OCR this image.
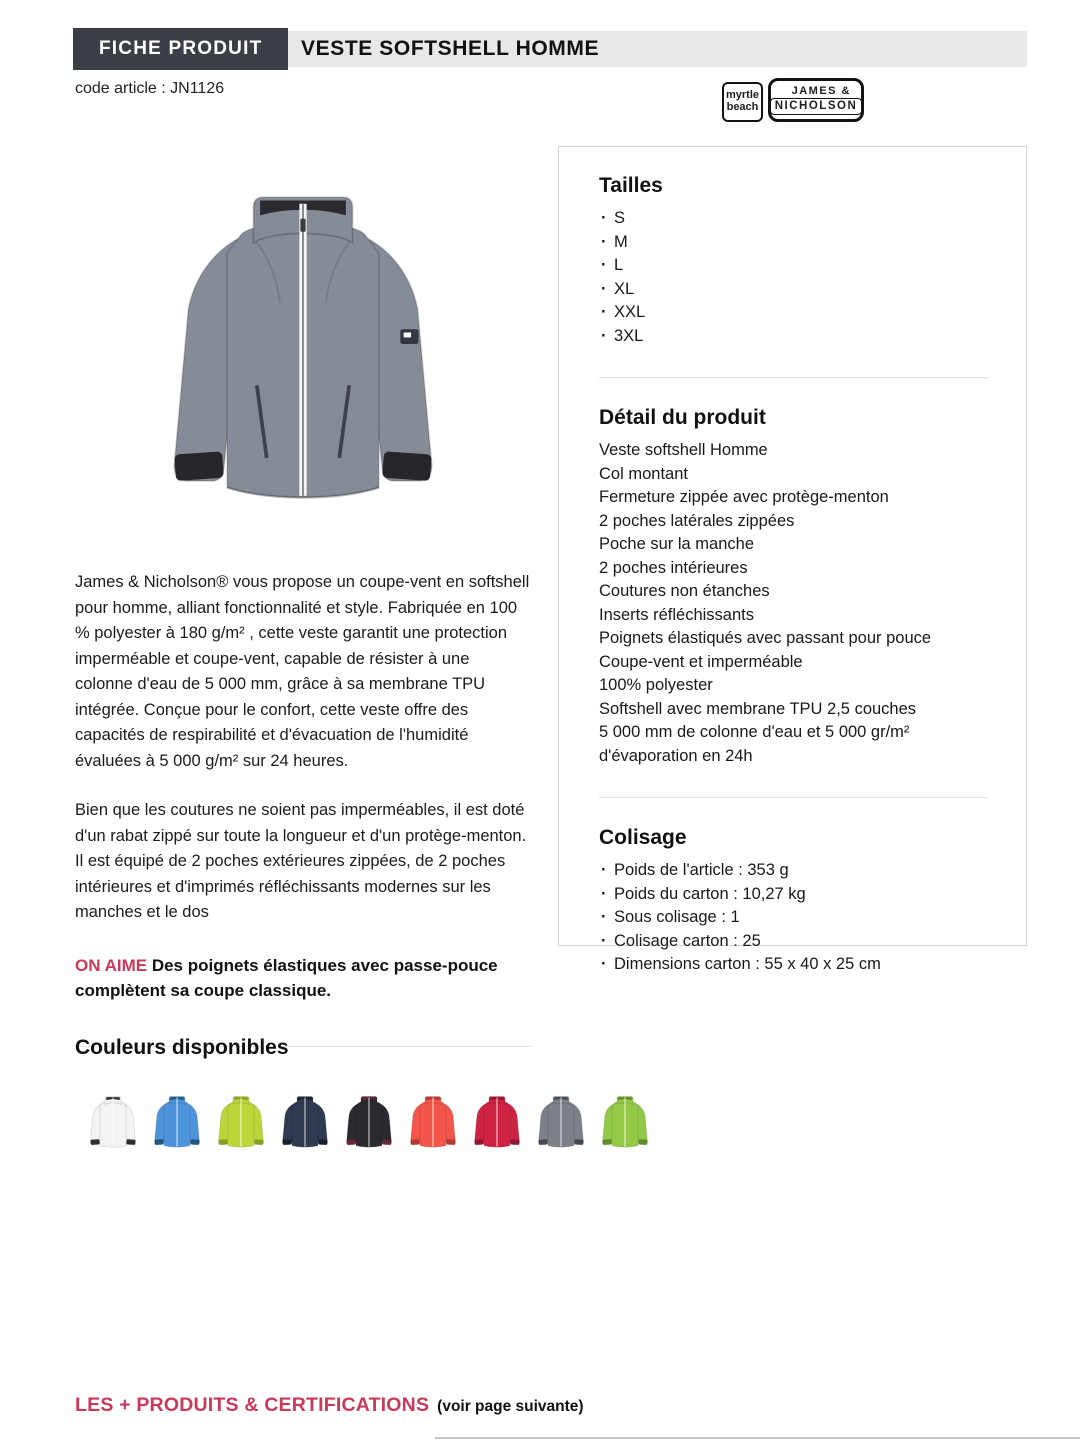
FICHE PRODUIT	VESTE SOFTSHELL HOMME
code article : JN1126	myrtle
beach
JAMES &
NICHOLSON
Tailles
· S
· M
· L
· XL
· XXL
· 3XL
Détail du produit
Veste softshell Homme
Col montant
Fermeture zippée avec protège-menton
2 poches latérales zippées
Poche sur la manche
2 poches intérieures
Coutures non étanches
Inserts réfléchissants
Poignets élastiqués avec passant pour pouce
Coupe-vent et imperméable
100% polyester
Softshell avec membrane TPU 2,5 couches
5 000 mm de colonne d'eau et 5 000 gr/m² d'évaporation en 24h
Colisage
· Poids de l'article : 353 g
· Poids du carton : 10,27 kg
· Sous colisage : 1
· Colisage carton : 25
· Dimensions carton : 55 x 40 x 25 cm

James & Nicholson® vous propose un coupe-vent en softshell pour homme, alliant fonctionnalité et style. Fabriquée en 100 % polyester à 180 g/m² , cette veste garantit une protection imperméable et coupe-vent, capable de résister à une colonne d'eau de 5 000 mm, grâce à sa membrane TPU intégrée. Conçue pour le confort, cette veste offre des capacités de respirabilité et d'évacuation de l'humidité évaluées à 5 000 g/m² sur 24 heures.

Bien que les coutures ne soient pas imperméables, il est doté d'un rabat zippé sur toute la longueur et d'un protège-menton. Il est équipé de 2 poches extérieures zippées, de 2 poches intérieures et d'imprimés réfléchissants modernes sur les manches et le dos

ON AIME Des poignets élastiques avec passe-pouce complètent sa coupe classique.

Couleurs disponibles
LES + PRODUITS & CERTIFICATIONS (voir page suivante)
